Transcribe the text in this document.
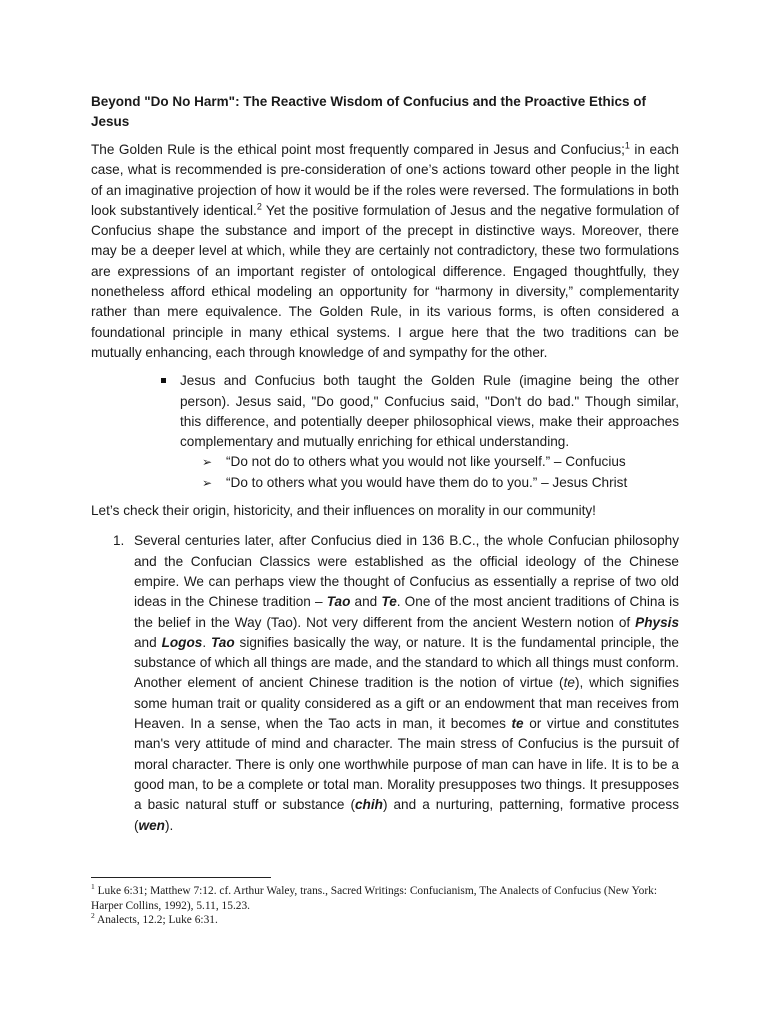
Beyond "Do No Harm": The Reactive Wisdom of Confucius and the Proactive Ethics of Jesus

The Golden Rule is the ethical point most frequently compared in Jesus and Confucius;$^1$ in each case, what is recommended is pre-consideration of one’s actions toward other people in the light of an imaginative projection of how it would be if the roles were reversed. The formulations in both look substantively identical.$^2$ Yet the positive formulation of Jesus and the negative formulation of Confucius shape the substance and import of the precept in distinctive ways. Moreover, there may be a deeper level at which, while they are certainly not contradictory, these two formulations are expressions of an important register of ontological difference. Engaged thoughtfully, they nonetheless afford ethical modeling an opportunity for “harmony in diversity,” complementarity rather than mere equivalence. The Golden Rule, in its various forms, is often considered a foundational principle in many ethical systems. I argue here that the two traditions can be mutually enhancing, each through knowledge of and sympathy for the other.

Jesus and Confucius both taught the Golden Rule (imagine being the other person). Jesus said, "Do good," Confucius said, "Don't do bad." Though similar, this difference, and potentially deeper philosophical views, make their approaches complementary and mutually enriching for ethical understanding.

➢ “Do not do to others what you would not like yourself.” – Confucius
➢ “Do to others what you would have them do to you.” – Jesus Christ

Let’s check their origin, historicity, and their influences on morality in our community!

1. Several centuries later, after Confucius died in 136 B.C., the whole Confucian philosophy and the Confucian Classics were established as the official ideology of the Chinese empire. We can perhaps view the thought of Confucius as essentially a reprise of two old ideas in the Chinese tradition – Tao and Te. One of the most ancient traditions of China is the belief in the Way (Tao). Not very different from the ancient Western notion of Physis and Logos. Tao signifies basically the way, or nature. It is the fundamental principle, the substance of which all things are made, and the standard to which all things must conform. Another element of ancient Chinese tradition is the notion of virtue (te), which signifies some human trait or quality considered as a gift or an endowment that man receives from Heaven. In a sense, when the Tao acts in man, it becomes te or virtue and constitutes man's very attitude of mind and character. The main stress of Confucius is the pursuit of moral character. There is only one worthwhile purpose of man can have in life. It is to be a good man, to be a complete or total man. Morality presupposes two things. It presupposes a basic natural stuff or substance (chih) and a nurturing, patterning, formative process (wen).

$^1$ Luke 6:31; Matthew 7:12. cf. Arthur Waley, trans., Sacred Writings: Confucianism, The Analects of Confucius (New York: Harper Collins, 1992), 5.11, 15.23.

$^2$ Analects, 12.2; Luke 6:31.
